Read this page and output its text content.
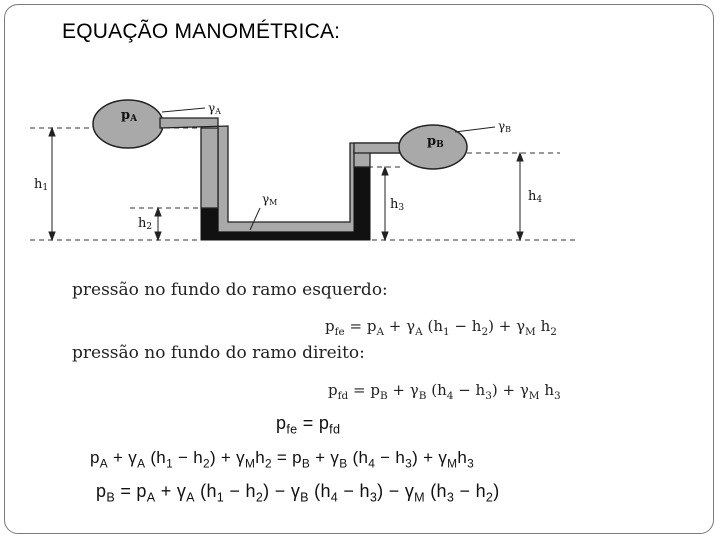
EQUAÇÃO MANOMÉTRICA:
pA
γA
pB
γB
γM
h1
h2
h3
h4
pressão no fundo do ramo esquerdo:
$p_{fe} = p_A + \gamma_A$ $(h_1 - h_2) + \gamma_M$ $h_2$
pressão no fundo do ramo direito:
$p_{fd} = p_B + \gamma_B$ $(h_4 - h_3) + \gamma_M$ $h_3$
$p_{fe} = p_{fd}$
$p_A + \gamma_A$ $(h_1 - h_2) + \gamma_Mh_2 = p_B + \gamma_B$ $(h_4 - h_3) + \gamma_Mh_3$
$p_B = p_A + \gamma_A$ $(h_1 - h_2) - \gamma_B$ $(h_4 - h_3) - \gamma_M$ $(h_3 - h_2)$
